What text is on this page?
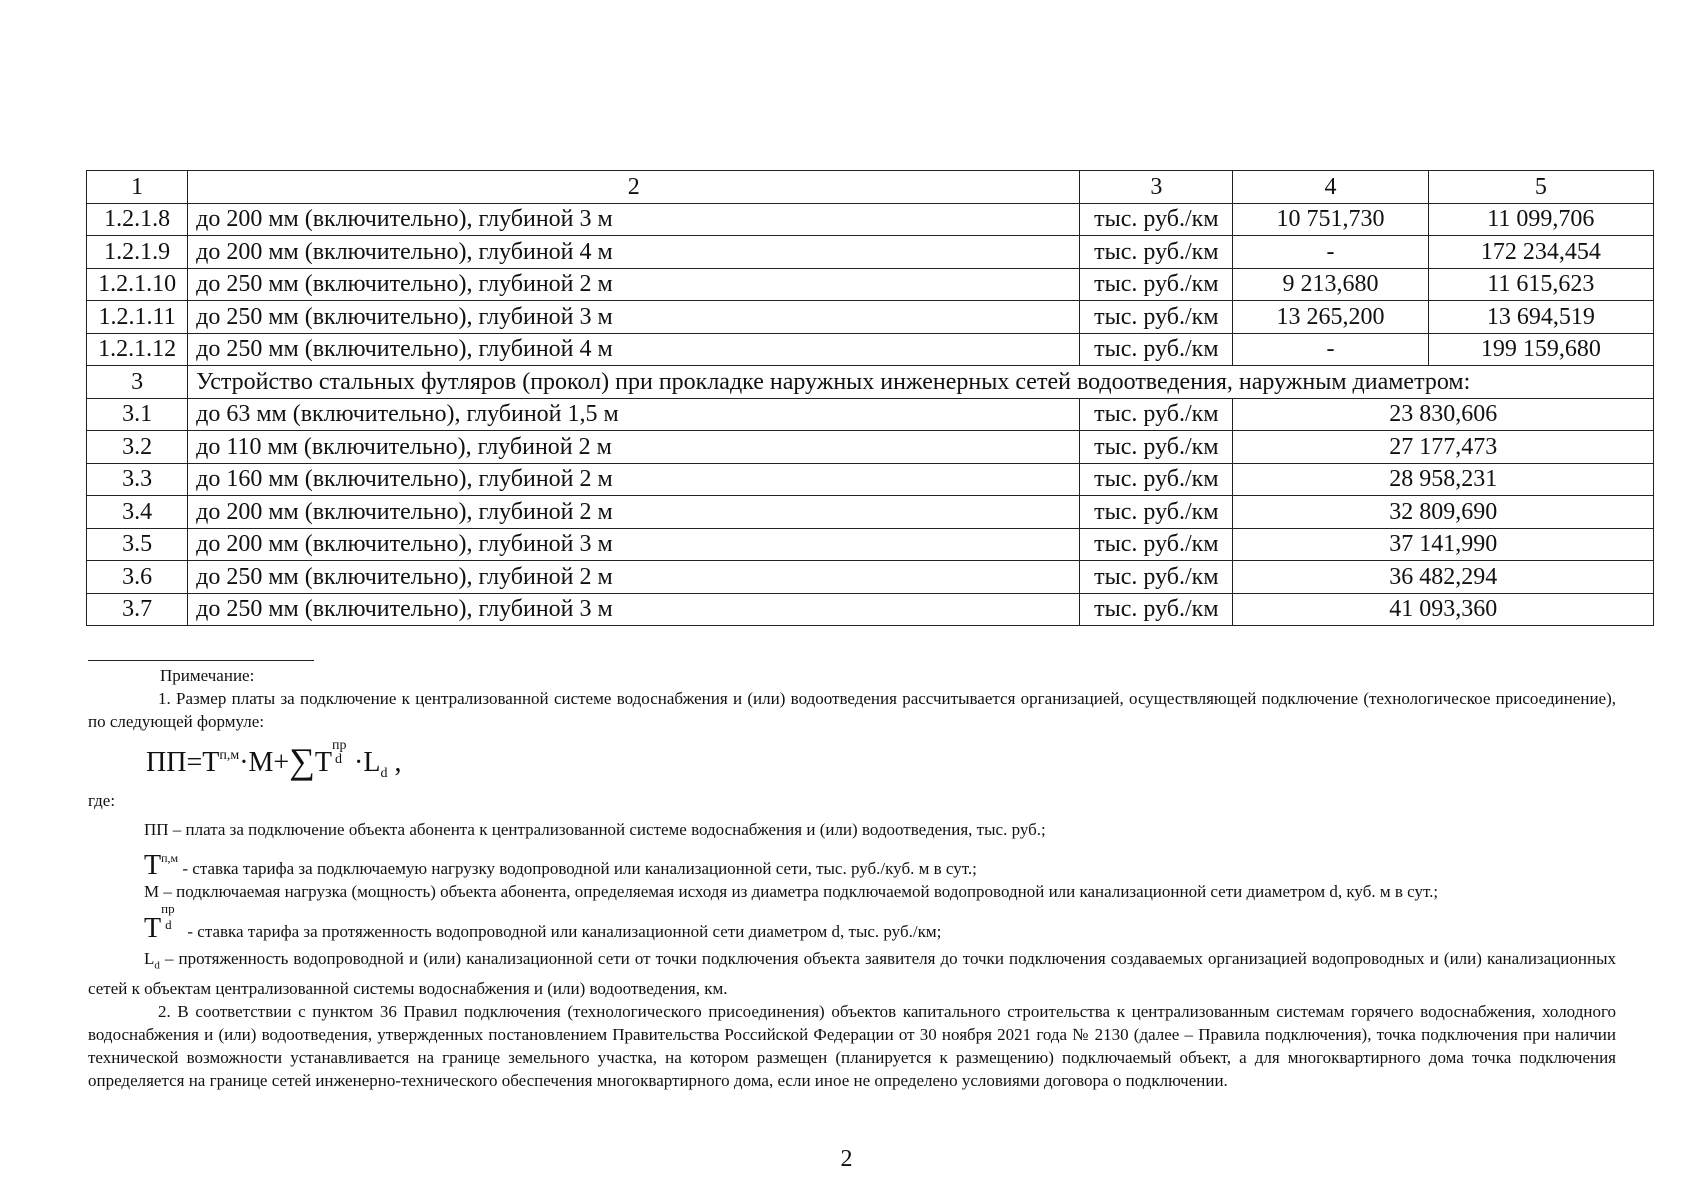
1	2	3	4	5
1.2.1.8	до 200 мм (включительно), глубиной 3 м	тыс. руб./км	10 751,730	11 099,706
1.2.1.9	до 200 мм (включительно), глубиной 4 м	тыс. руб./км	-	172 234,454
1.2.1.10	до 250 мм (включительно), глубиной 2 м	тыс. руб./км	9 213,680	11 615,623
1.2.1.11	до 250 мм (включительно), глубиной 3 м	тыс. руб./км	13 265,200	13 694,519
1.2.1.12	до 250 мм (включительно), глубиной 4 м	тыс. руб./км	-	199 159,680
3	Устройство стальных футляров (прокол) при прокладке наружных инженерных сетей водоотведения, наружным диаметром:			
3.1	до 63 мм (включительно), глубиной 1,5 м	тыс. руб./км	23 830,606	
3.2	до 110 мм (включительно), глубиной 2 м	тыс. руб./км	27 177,473	
3.3	до 160 мм (включительно), глубиной 2 м	тыс. руб./км	28 958,231	
3.4	до 200 мм (включительно), глубиной 2 м	тыс. руб./км	32 809,690	
3.5	до 200 мм (включительно), глубиной 3 м	тыс. руб./км	37 141,990	
3.6	до 250 мм (включительно), глубиной 2 м	тыс. руб./км	36 482,294	
3.7	до 250 мм (включительно), глубиной 3 м	тыс. руб./км	41 093,360	

Примечание:

1. Размер платы за подключение к централизованной системе водоснабжения и (или) водоотведения рассчитывается организацией, осуществляющей подключение (технологическое присоединение), по следующей формуле:

$ПП=Т^{п,м}\cdot М+\sum Т$
пр
$d \cdot L_d$ ,

где:

ПП – плата за подключение объекта абонента к централизованной системе водоснабжения и (или) водоотведения, тыс. руб.;

$Т^{п,м}$ - ставка тарифа за подключаемую нагрузку водопроводной или канализационной сети, тыс. руб./куб. м в сут.;

М – подключаемая нагрузка (мощность) объекта абонента, определяемая исходя из диаметра подключаемой водопроводной или канализационной сети диаметром d, куб. м в сут.;

Т
пр
d - ставка тарифа за протяженность водопроводной или канализационной сети диаметром d, тыс. руб./км;

$L_d$ – протяженность водопроводной и (или) канализационной сети от точки подключения объекта заявителя до точки подключения создаваемых организацией водопроводных и (или) канализационных сетей к объектам централизованной системы водоснабжения и (или) водоотведения, км.

2. В соответствии с пунктом 36 Правил подключения (технологического присоединения) объектов капитального строительства к централизованным системам горячего водоснабжения, холодного водоснабжения и (или) водоотведения, утвержденных постановлением Правительства Российской Федерации от 30 ноября 2021 года № 2130 (далее – Правила подключения), точка подключения при наличии технической возможности устанавливается на границе земельного участка, на котором размещен (планируется к размещению) подключаемый объект, а для многоквартирного дома точка подключения определяется на границе сетей инженерно-технического обеспечения многоквартирного дома, если иное не определено условиями договора о подключении.

2
